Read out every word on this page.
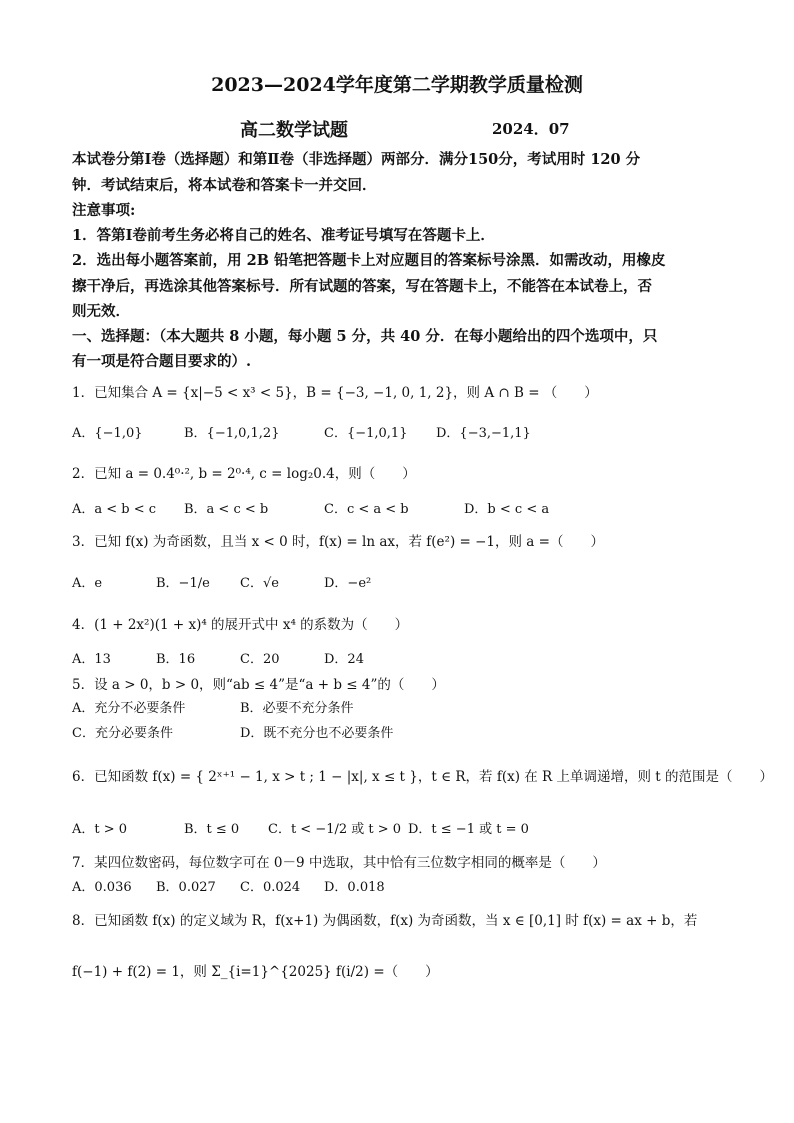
2023—2024学年度第二学期教学质量检测
高二数学试题	2024．07
本试卷分第Ⅰ卷（选择题）和第Ⅱ卷（非选择题）两部分．满分150分，考试用时 120 分
钟．考试结束后，将本试卷和答案卡一并交回．
注意事项:
1．答第Ⅰ卷前考生务必将自己的姓名、准考证号填写在答题卡上．
2．选出每小题答案前，用 2B 铅笔把答题卡上对应题目的答案标号涂黑．如需改动，用橡皮
擦干净后，再选涂其他答案标号．所有试题的答案，写在答题卡上，不能答在本试卷上，否
则无效．
一、选择题：（本大题共 8 小题，每小题 5 分，共 40 分．在每小题给出的四个选项中，只
有一项是符合题目要求的）.
1．已知集合 A = {x|−5 < x³ < 5}，B = {−3, −1, 0, 1, 2}，则 A ∩ B = （　　）
A．{−1,0}	B．{−1,0,1,2}	C．{−1,0,1} D．{−3,−1,1}
2．已知 a = 0.4⁰·², b = 2⁰·⁴, c = log₂0.4，则（　　）
A．a < b < c B．a < c < b	C．c < a < b	D．b < c < a
3．已知 f(x) 为奇函数，且当 x < 0 时，f(x) = ln ax，若 f(e²) = −1，则 a =（　　）
A．e	B．−1/e C．√e	D．−e²
4．(1 + 2x²)(1 + x)⁴ 的展开式中 x⁴ 的系数为（　　）
A．13	B．16	C．20	D．24
5．设 a > 0，b > 0，则“ab ≤ 4”是“a + b ≤ 4”的（　　）
A．充分不必要条件	B．必要不充分条件
C．充分必要条件	D．既不充分也不必要条件
6．已知函数 f(x) = { 2ˣ⁺¹ − 1, x > t ; 1 − |x|, x ≤ t }，t ∈ R，若 f(x) 在 R 上单调递增，则 t 的范围是（　　）
A．t > 0	B．t ≤ 0 C．t < −1/2 或 t > 0 D．t ≤ −1 或 t = 0
7．某四位数密码，每位数字可在 0－9 中选取，其中恰有三位数字相同的概率是（　　）
A．0.036 B．0.027 C．0.024 D．0.018
8．已知函数 f(x) 的定义域为 R，f(x+1) 为偶函数，f(x) 为奇函数，当 x ∈ [0,1] 时 f(x) = ax + b，若
f(−1) + f(2) = 1，则 Σ_{i=1}^{2025} f(i/2) =（　　）
